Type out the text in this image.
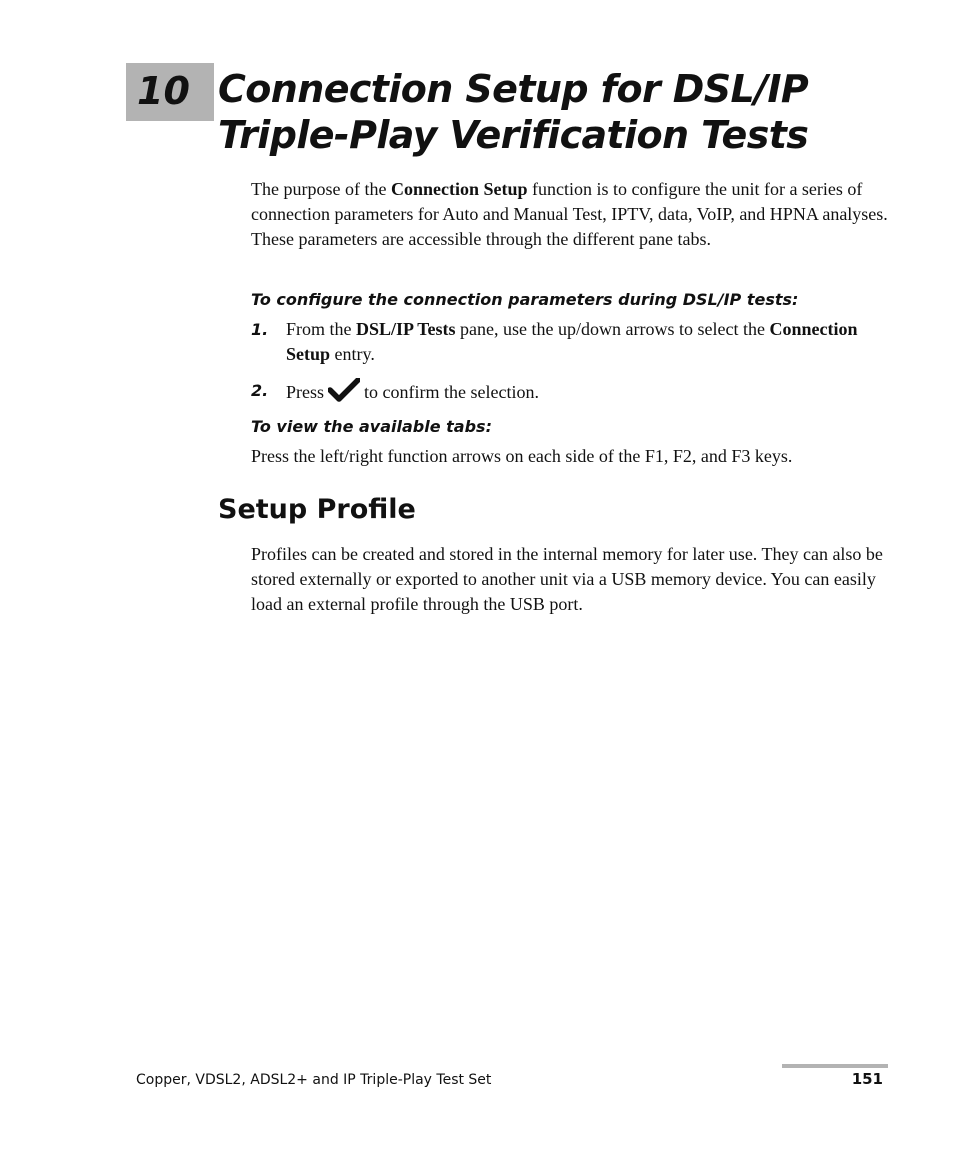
10 Connection Setup for DSL/IP
Triple-Play Verification Tests

The purpose of the Connection Setup function is to configure the unit for a series of connection parameters for Auto and Manual Test, IPTV, data, VoIP, and HPNA analyses. These parameters are accessible through the different pane tabs.

To configure the connection parameters during DSL/IP tests:

1. From the DSL/IP Tests pane, use the up/down arrows to select the Connection Setup entry.
2. Press to confirm the selection.

To view the available tabs:

Press the left/right function arrows on each side of the F1, F2, and F3 keys.

Setup Profile

Profiles can be created and stored in the internal memory for later use. They can also be stored externally or exported to another unit via a USB memory device. You can easily load an external profile through the USB port.

Copper, VDSL2, ADSL2+ and IP Triple-Play Test Set	151
